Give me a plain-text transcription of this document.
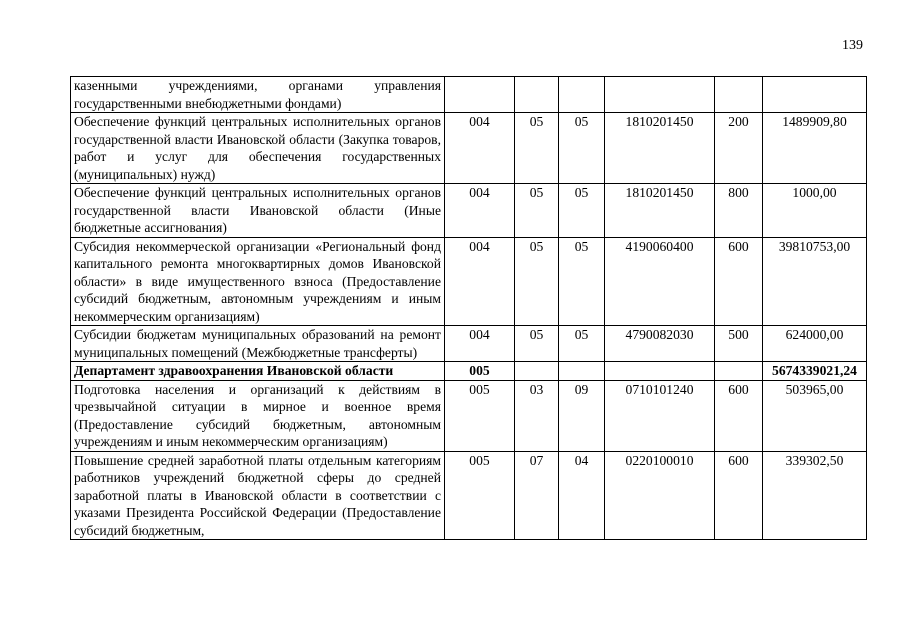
139
казенными учреждениями, органами управления государственными внебюджетными фондами)						
Обеспечение функций центральных исполнительных органов государственной власти Ивановской области (Закупка товаров, работ и услуг для обеспечения государственных (муниципальных) нужд)	004	05	05	1810201450	200	1489909,80
Обеспечение функций центральных исполнительных органов государственной власти Ивановской области (Иные бюджетные ассигнования)	004	05	05	1810201450	800	1000,00
Субсидия некоммерческой организации «Региональный фонд капитального ремонта многоквартирных домов Ивановской области» в виде имущественного взноса (Предоставление субсидий бюджетным, автономным учреждениям и иным некоммерческим организациям)	004	05	05	4190060400	600	39810753,00
Субсидии бюджетам муниципальных образований на ремонт муниципальных помещений (Межбюджетные трансферты)	004	05	05	4790082030	500	624000,00
Департамент здравоохранения Ивановской области	005					5674339021,24
Подготовка населения и организаций к действиям в чрезвычайной ситуации в мирное и военное время (Предоставление субсидий бюджетным, автономным учреждениям и иным некоммерческим организациям)	005	03	09	0710101240	600	503965,00
Повышение средней заработной платы отдельным категориям работников учреждений бюджетной сферы до средней заработной платы в Ивановской области в соответствии с указами Президента Российской Федерации (Предоставление субсидий бюджетным,	005	07	04	0220100010	600	339302,50
